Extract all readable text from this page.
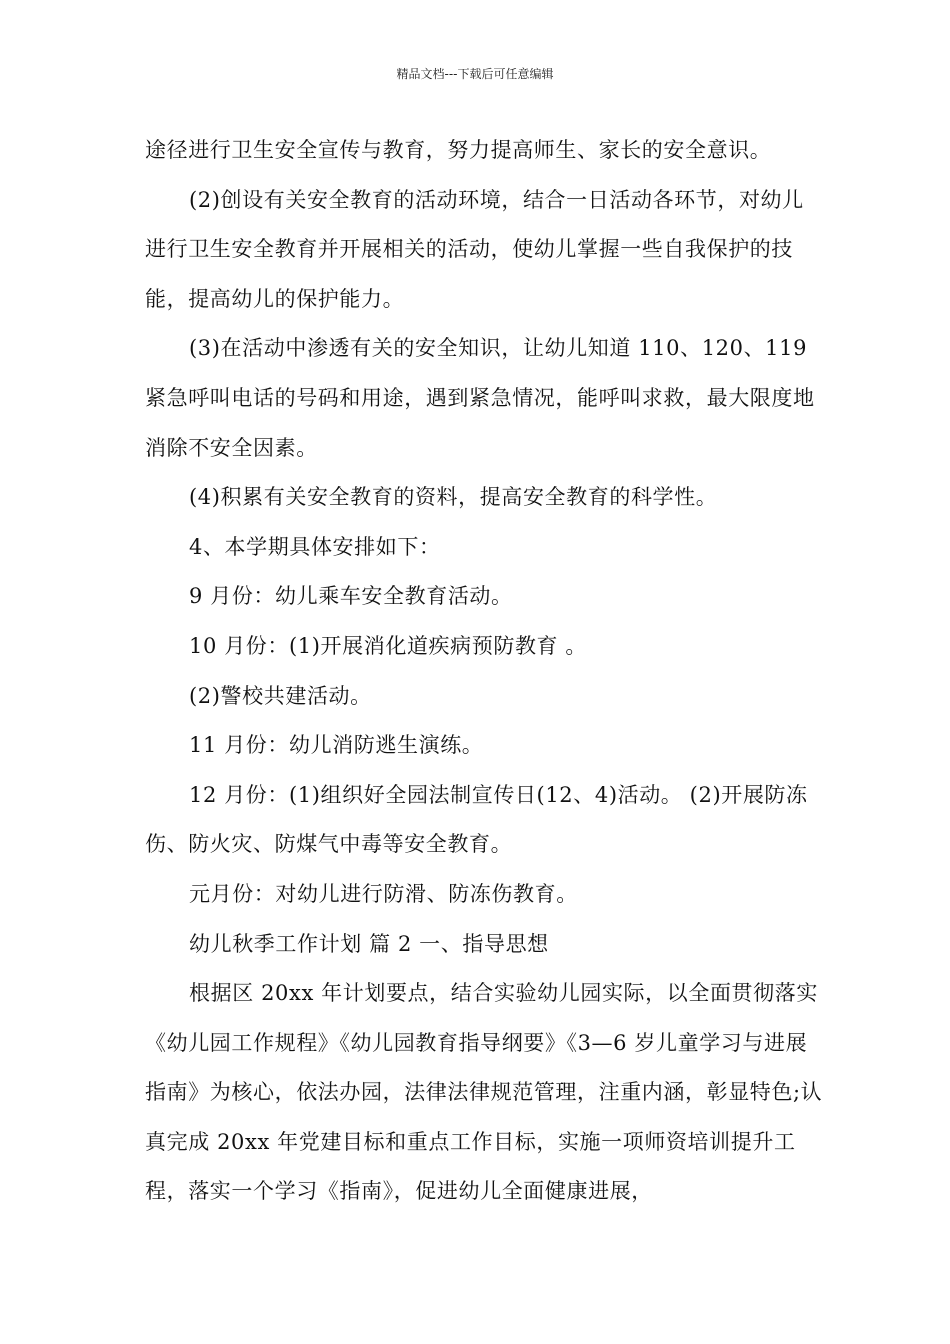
精品文档---下载后可任意编辑

途径进行卫生安全宣传与教育，努力提高师生、家长的安全意识。

(2)创设有关安全教育的活动环境，结合一日活动各环节，对幼儿进行卫生安全教育并开展相关的活动，使幼儿掌握一些自我保护的技能，提高幼儿的保护能力。

(3)在活动中渗透有关的安全知识，让幼儿知道 110、120、119 紧急呼叫电话的号码和用途，遇到紧急情况，能呼叫求救，最大限度地消除不安全因素。

(4)积累有关安全教育的资料，提高安全教育的科学性。

4、本学期具体安排如下：

9 月份：幼儿乘车安全教育活动。

10 月份：(1)开展消化道疾病预防教育 。

(2)警校共建活动。

11 月份：幼儿消防逃生演练。

12 月份：(1)组织好全园法制宣传日(12、4)活动。 (2)开展防冻伤、防火灾、防煤气中毒等安全教育。

元月份：对幼儿进行防滑、防冻伤教育。

幼儿秋季工作计划 篇 2 一、指导思想

根据区 20xx 年计划要点，结合实验幼儿园实际，以全面贯彻落实《幼儿园工作规程》《幼儿园教育指导纲要》《3—6 岁儿童学习与进展指南》为核心，依法办园，法律法律规范管理，注重内涵，彰显特色;认真完成 20xx 年党建目标和重点工作目标，实施一项师资培训提升工程，落实一个学习《指南》，促进幼儿全面健康进展，
